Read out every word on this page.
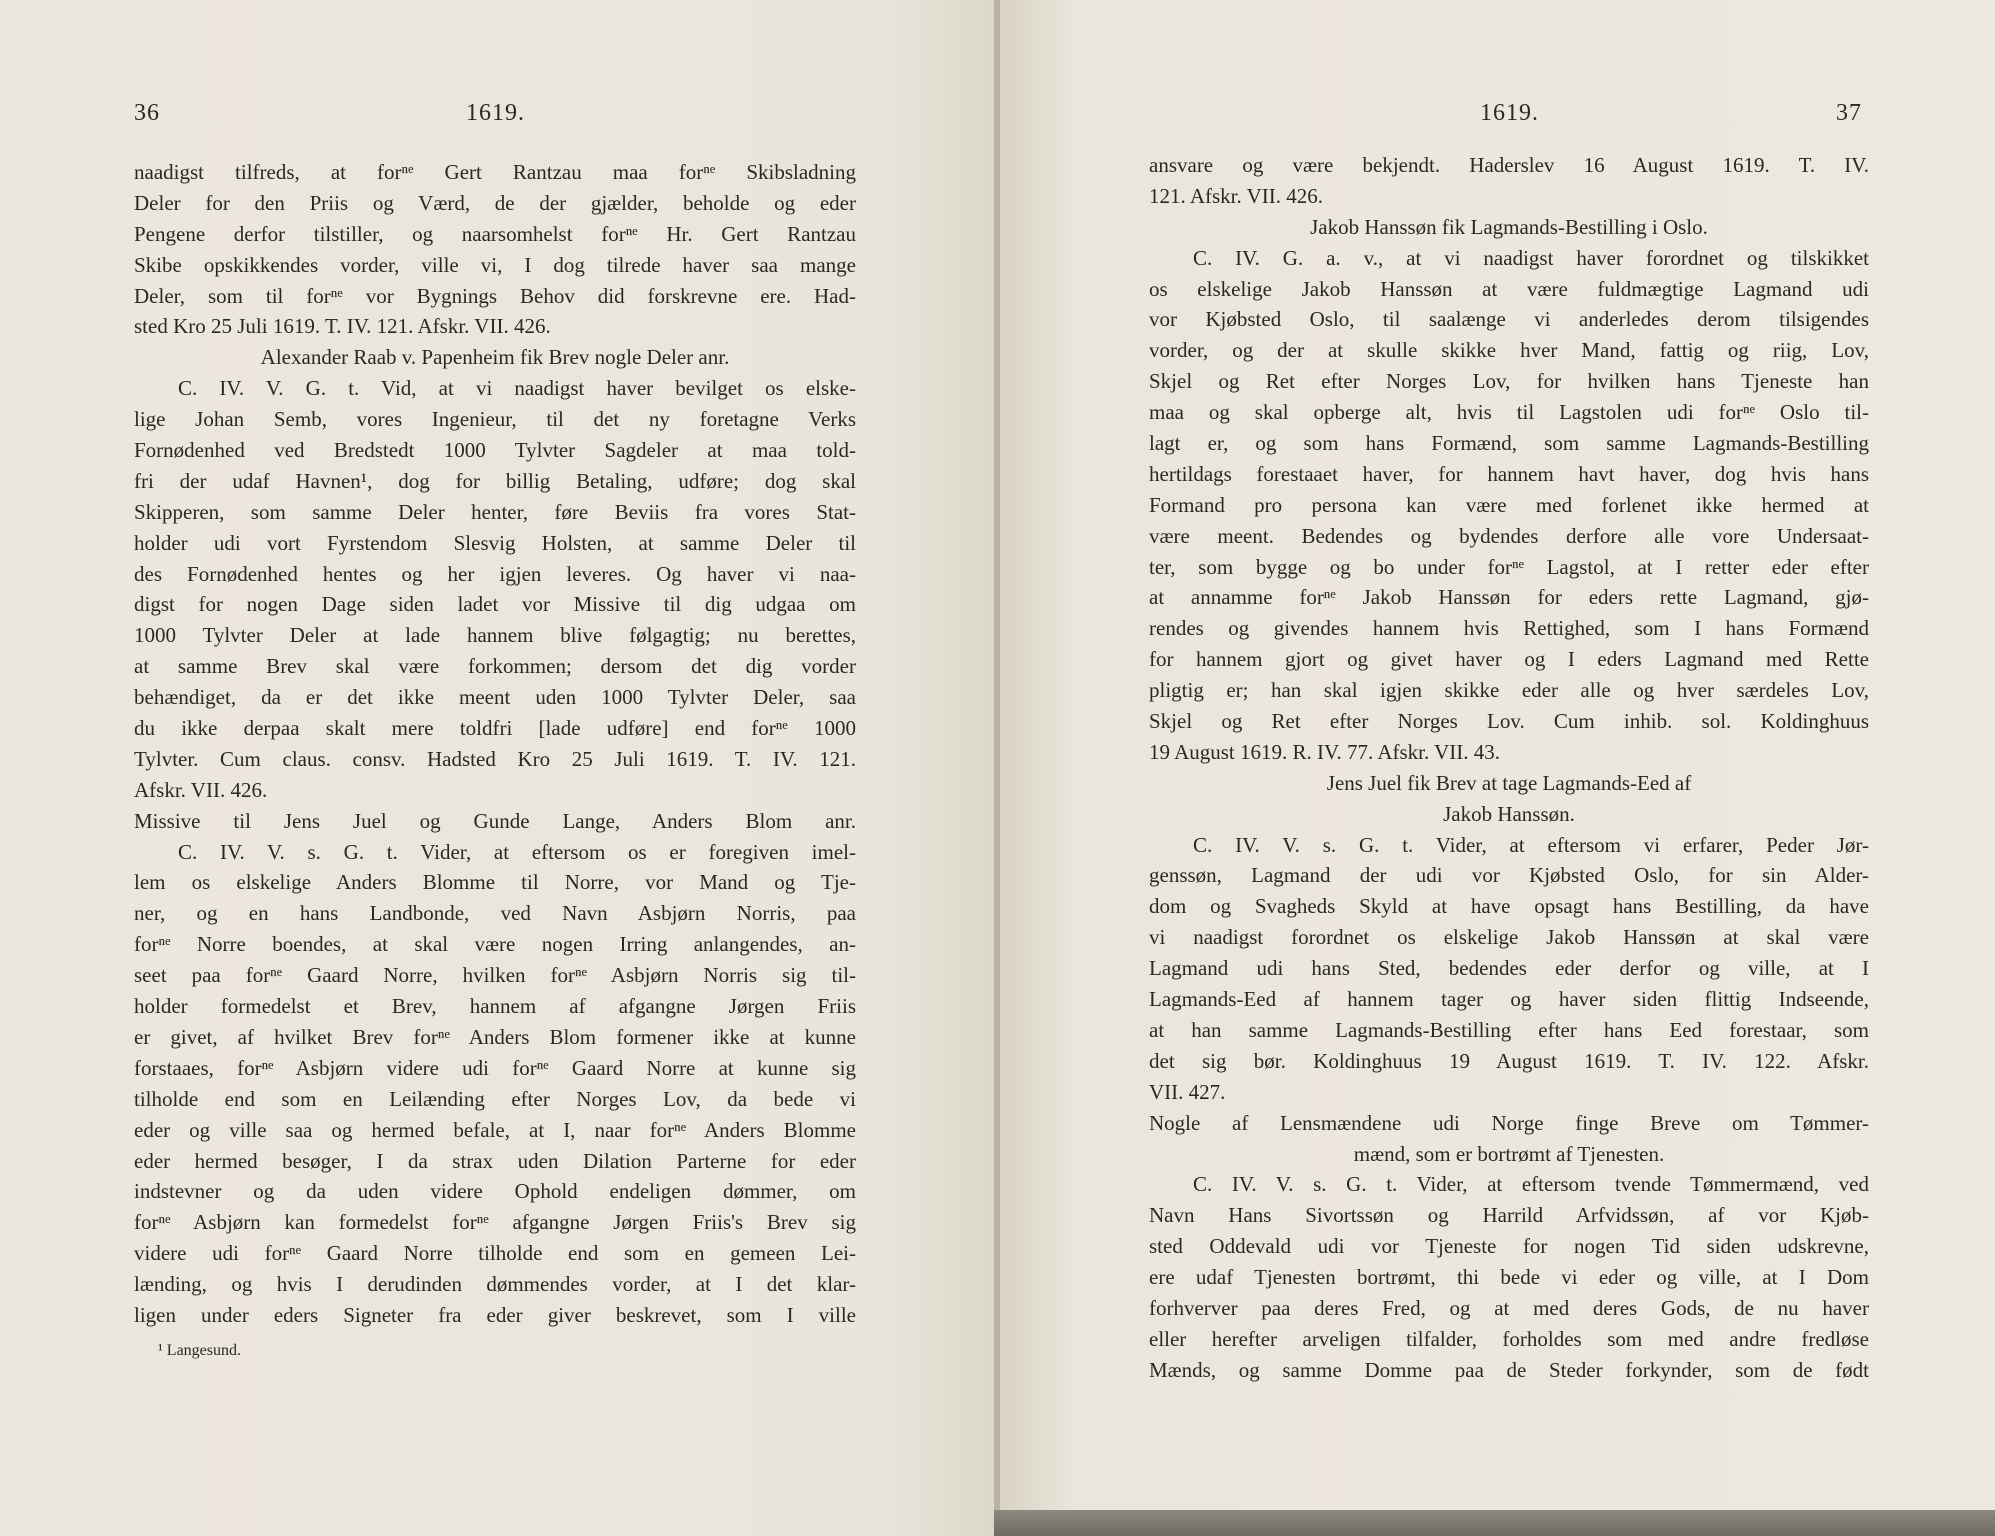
36	1619.
naadigst tilfreds, at forⁿᵉ Gert Rantzau maa forⁿᵉ Skibsladning
Deler for den Priis og Værd, de der gjælder, beholde og eder
Pengene derfor tilstiller, og naarsomhelst forⁿᵉ Hr. Gert Rantzau
Skibe opskikkendes vorder, ville vi, I dog tilrede haver saa mange
Deler, som til forⁿᵉ vor Bygnings Behov did forskrevne ere. Had-
sted Kro 25 Juli 1619. T. IV. 121. Afskr. VII. 426.
Alexander Raab v. Papenheim fik Brev nogle Deler anr.
C. IV. V. G. t. Vid, at vi naadigst haver bevilget os elske-
lige Johan Semb, vores Ingenieur, til det ny foretagne Verks
Fornødenhed ved Bredstedt 1000 Tylvter Sagdeler at maa told-
fri der udaf Havnen¹, dog for billig Betaling, udføre; dog skal
Skipperen, som samme Deler henter, føre Beviis fra vores Stat-
holder udi vort Fyrstendom Slesvig Holsten, at samme Deler til
des Fornødenhed hentes og her igjen leveres. Og haver vi naa-
digst for nogen Dage siden ladet vor Missive til dig udgaa om
1000 Tylvter Deler at lade hannem blive følgagtig; nu berettes,
at samme Brev skal være forkommen; dersom det dig vorder
behændiget, da er det ikke meent uden 1000 Tylvter Deler, saa
du ikke derpaa skalt mere toldfri [lade udføre] end forⁿᵉ 1000
Tylvter. Cum claus. consv. Hadsted Kro 25 Juli 1619. T. IV. 121.
Afskr. VII. 426.
Missive til Jens Juel og Gunde Lange, Anders Blom anr.
C. IV. V. s. G. t. Vider, at eftersom os er foregiven imel-
lem os elskelige Anders Blomme til Norre, vor Mand og Tje-
ner, og en hans Landbonde, ved Navn Asbjørn Norris, paa
forⁿᵉ Norre boendes, at skal være nogen Irring anlangendes, an-
seet paa forⁿᵉ Gaard Norre, hvilken forⁿᵉ Asbjørn Norris sig til-
holder formedelst et Brev, hannem af afgangne Jørgen Friis
er givet, af hvilket Brev forⁿᵉ Anders Blom formener ikke at kunne
forstaaes, forⁿᵉ Asbjørn videre udi forⁿᵉ Gaard Norre at kunne sig
tilholde end som en Leilænding efter Norges Lov, da bede vi
eder og ville saa og hermed befale, at I, naar forⁿᵉ Anders Blomme
eder hermed besøger, I da strax uden Dilation Parterne for eder
indstevner og da uden videre Ophold endeligen dømmer, om
forⁿᵉ Asbjørn kan formedelst forⁿᵉ afgangne Jørgen Friis's Brev sig
videre udi forⁿᵉ Gaard Norre tilholde end som en gemeen Lei-
lænding, og hvis I derudinden dømmendes vorder, at I det klar-
ligen under eders Signeter fra eder giver beskrevet, som I ville
¹ Langesund.
1619.	37
ansvare og være bekjendt. Haderslev 16 August 1619. T. IV.
121. Afskr. VII. 426.
Jakob Hanssøn fik Lagmands-Bestilling i Oslo.
C. IV. G. a. v., at vi naadigst haver forordnet og tilskikket
os elskelige Jakob Hanssøn at være fuldmægtige Lagmand udi
vor Kjøbsted Oslo, til saalænge vi anderledes derom tilsigendes
vorder, og der at skulle skikke hver Mand, fattig og riig, Lov,
Skjel og Ret efter Norges Lov, for hvilken hans Tjeneste han
maa og skal opberge alt, hvis til Lagstolen udi forⁿᵉ Oslo til-
lagt er, og som hans Formænd, som samme Lagmands-Bestilling
hertildags forestaaet haver, for hannem havt haver, dog hvis hans
Formand pro persona kan være med forlenet ikke hermed at
være meent. Bedendes og bydendes derfore alle vore Undersaat-
ter, som bygge og bo under forⁿᵉ Lagstol, at I retter eder efter
at annamme forⁿᵉ Jakob Hanssøn for eders rette Lagmand, gjø-
rendes og givendes hannem hvis Rettighed, som I hans Formænd
for hannem gjort og givet haver og I eders Lagmand med Rette
pligtig er; han skal igjen skikke eder alle og hver særdeles Lov,
Skjel og Ret efter Norges Lov. Cum inhib. sol. Koldinghuus
19 August 1619. R. IV. 77. Afskr. VII. 43.
Jens Juel fik Brev at tage Lagmands-Eed af
Jakob Hanssøn.
C. IV. V. s. G. t. Vider, at eftersom vi erfarer, Peder Jør-
genssøn, Lagmand der udi vor Kjøbsted Oslo, for sin Alder-
dom og Svagheds Skyld at have opsagt hans Bestilling, da have
vi naadigst forordnet os elskelige Jakob Hanssøn at skal være
Lagmand udi hans Sted, bedendes eder derfor og ville, at I
Lagmands-Eed af hannem tager og haver siden flittig Indseende,
at han samme Lagmands-Bestilling efter hans Eed forestaar, som
det sig bør. Koldinghuus 19 August 1619. T. IV. 122. Afskr.
VII. 427.
Nogle af Lensmændene udi Norge finge Breve om Tømmer-
mænd, som er bortrømt af Tjenesten.
C. IV. V. s. G. t. Vider, at eftersom tvende Tømmermænd, ved
Navn Hans Sivortssøn og Harrild Arfvidssøn, af vor Kjøb-
sted Oddevald udi vor Tjeneste for nogen Tid siden udskrevne,
ere udaf Tjenesten bortrømt, thi bede vi eder og ville, at I Dom
forhverver paa deres Fred, og at med deres Gods, de nu haver
eller herefter arveligen tilfalder, forholdes som med andre fredløse
Mænds, og samme Domme paa de Steder forkynder, som de født
